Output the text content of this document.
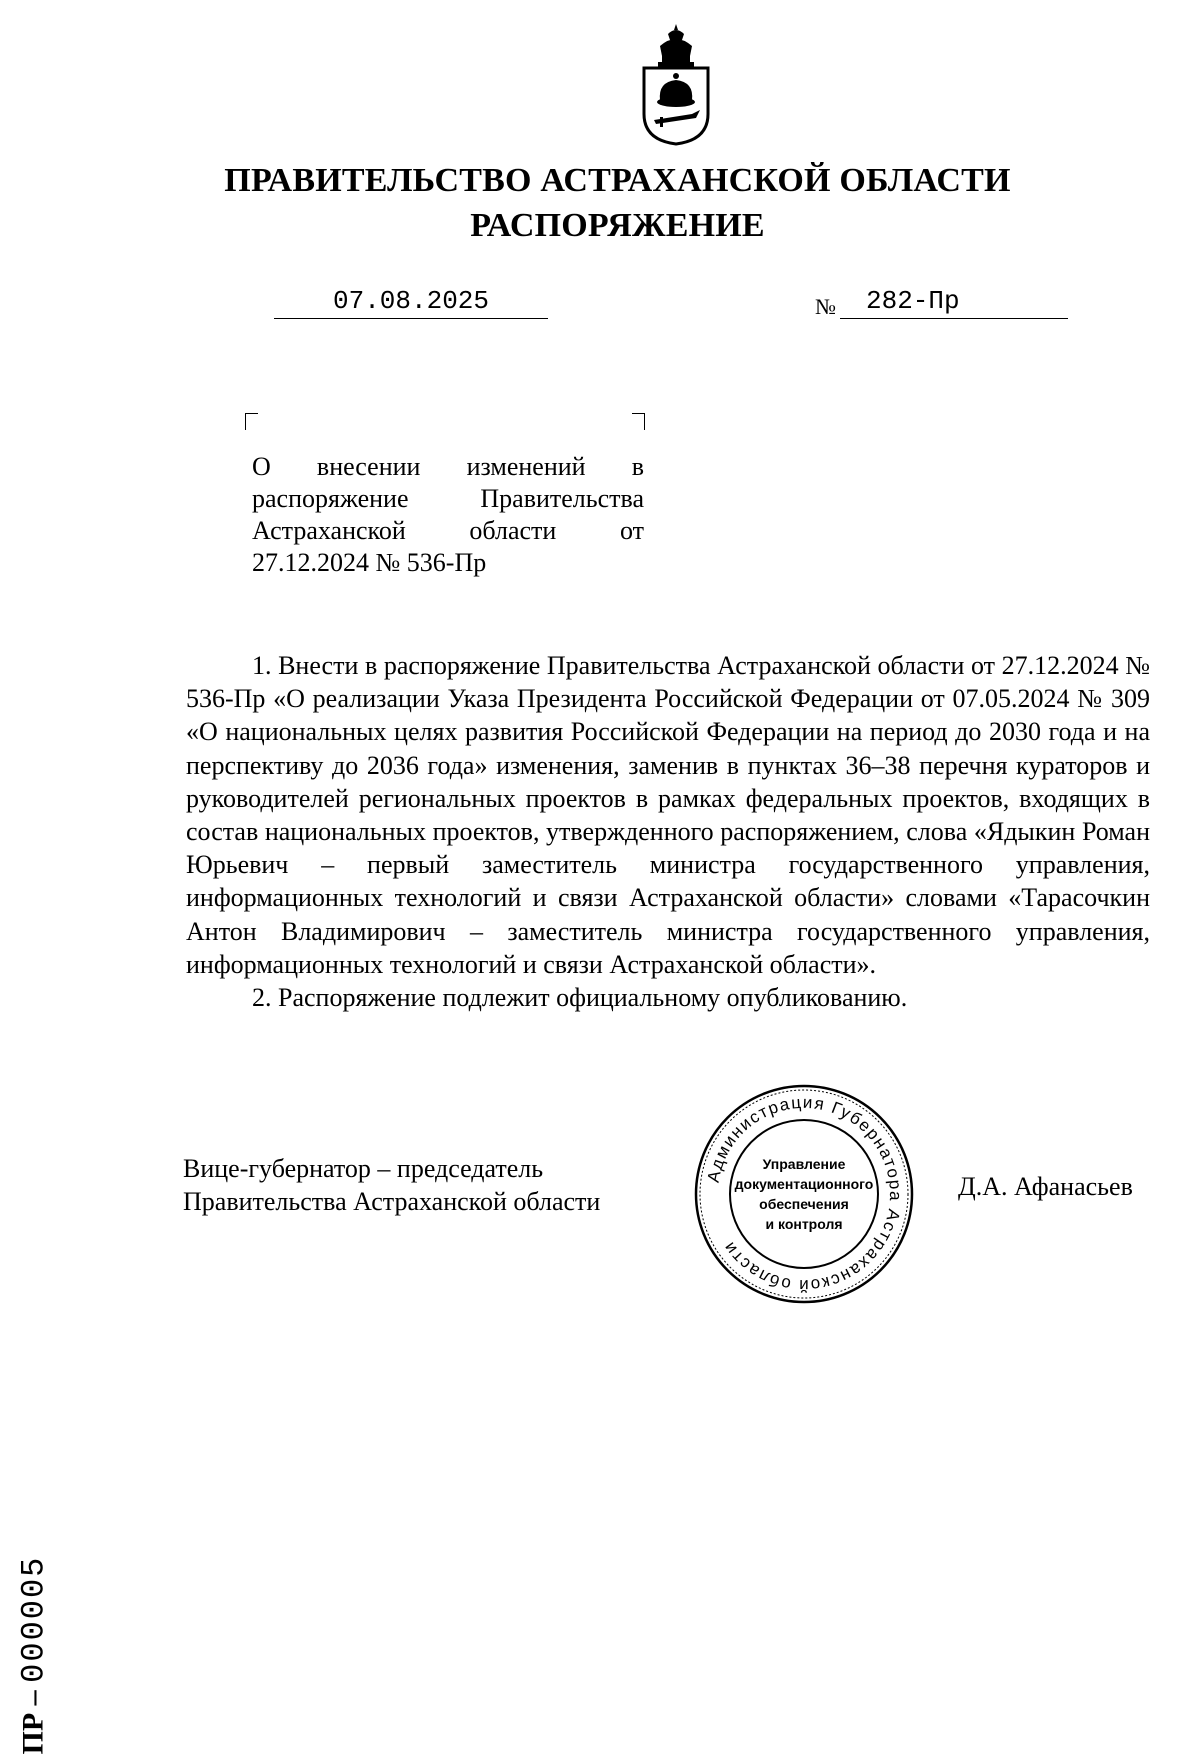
ПРАВИТЕЛЬСТВО АСТРАХАНСКОЙ ОБЛАСТИ
РАСПОРЯЖЕНИЕ
07.08.2025	№ 282-Пр
О внесении изменений в распоряжение Правительства Астраханской области от 27.12.2024 № 536-Пр

1. Внести в распоряжение Правительства Астраханской области от 27.12.2024 № 536-Пр «О реализации Указа Президента Российской Федерации от 07.05.2024 № 309 «О национальных целях развития Российской Федерации на период до 2030 года и на перспективу до 2036 года» изменения, заменив в пунктах 36–38 перечня кураторов и руководителей региональных проектов в рамках федеральных проектов, входящих в состав национальных проектов, утвержденного распоряжением, слова «Ядыкин Роман Юрьевич – первый заместитель министра государственного управления, информационных технологий и связи Астраханской области» словами «Тарасочкин Антон Владимирович – заместитель министра государственного управления, информационных технологий и связи Астраханской области».

2. Распоряжение подлежит официальному опубликованию.

Вице-губернатор – председатель
Правительства Астраханской области
Администрация Губернатора Астраханской области
Управление
документационного
обеспечения
и контроля
Д.А. Афанасьев
ПР – 000005
